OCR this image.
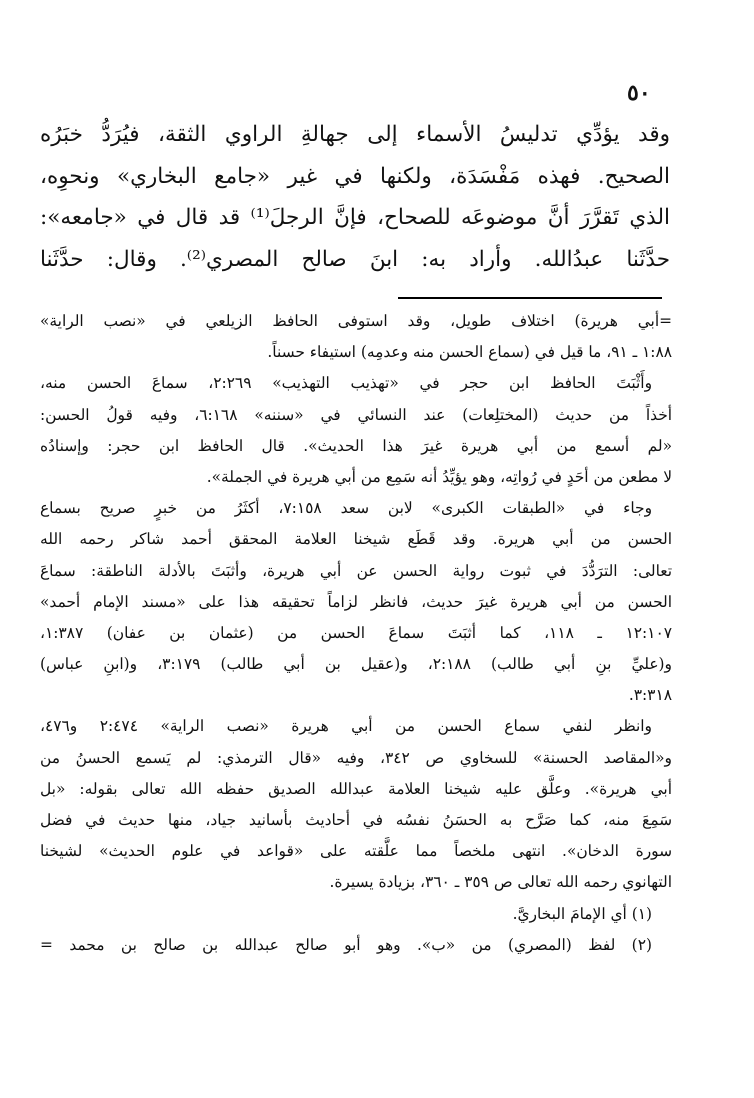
٥٠
وقد يؤدِّي تدليسُ الأسماء إلى جهالةِ الراوي الثقة، فيُرَدُّ خبَرُه
الصحيح. فهذه مَفْسَدَة، ولكنها في غير «جامع البخاري» ونحوِه،
الذي تَقرَّرَ أنَّ موضوعَه للصحاح، فإنَّ الرجلَ⁽¹⁾ قد قال في «جامعه»:
حدَّثَنا عبدُالله. وأراد به: ابنَ صالح المصري⁽²⁾. وقال: حدَّثَنا
=أبي هريرة) اختلاف طويل، وقد استوفى الحافظ الزيلعي في «نصب الراية»
١:٨٨ ـ ٩١، ما قيل في (سماع الحسن منه وعدمِه) استيفاء حسناً.
وأَثْبَتَ الحافظ ابن حجر في «تهذيب التهذيب» ٢:٢٦٩، سماعَ الحسن منه،
أخذاً من حديث (المختلِعات) عند النسائي في «سننه» ٦:١٦٨، وفيه قولُ الحسن:
«لم أسمع من أبي هريرة غيرَ هذا الحديث». قال الحافظ ابن حجر: وإسنادُه
لا مطعن من أحَدٍ في رُواتِه، وهو يؤيِّدُ أنه سَمِع من أبي هريرة في الجملة».
وجاء في «الطبقات الكبرى» لابن سعد ٧:١٥٨، أكثَرُ من خبرٍ صريح بسماع
الحسن من أبي هريرة. وقد قَطَع شيخنا العلامة المحقق أحمد شاكر رحمه الله
تعالى: الترَدُّدَ في ثبوت رواية الحسن عن أبي هريرة، وأثبَتَ بالأدلة الناطقة: سماعَ
الحسن من أبي هريرة غيرَ حديث، فانظر لزاماً تحقيقه هذا على «مسند الإمام أحمد»
١٢:١٠٧ ـ ١١٨، كما أثبَتَ سماعَ الحسن من (عثمان بن عفان) ١:٣٨٧،
و(عليِّ بنِ أبي طالب) ٢:١٨٨، و(عقيل بن أبي طالب) ٣:١٧٩، و(ابنِ عباس)
٣:٣١٨.
وانظر لنفي سماع الحسن من أبي هريرة «نصب الراية» ٢:٤٧٤ و٤٧٦،
و«المقاصد الحسنة» للسخاوي ص ٣٤٢، وفيه «قال الترمذي: لم يَسمع الحسنُ من
أبي هريرة». وعلَّق عليه شيخنا العلامة عبدالله الصديق حفظه الله تعالى بقوله: «بل
سَمِعَ منه، كما صَرَّح به الحسَنُ نفسُه في أحاديث بأسانيد جياد، منها حديث في فضل
سورة الدخان». انتهى ملخصاً مما علَّقته على «قواعد في علوم الحديث» لشيخنا
التهانوي رحمه الله تعالى ص ٣٥٩ ـ ٣٦٠، بزيادة يسيرة.
(١) أي الإمامَ البخاريَّ.
(٢) لفظ (المصري) من «ب». وهو أبو صالح عبدالله بن صالح بن محمد =
